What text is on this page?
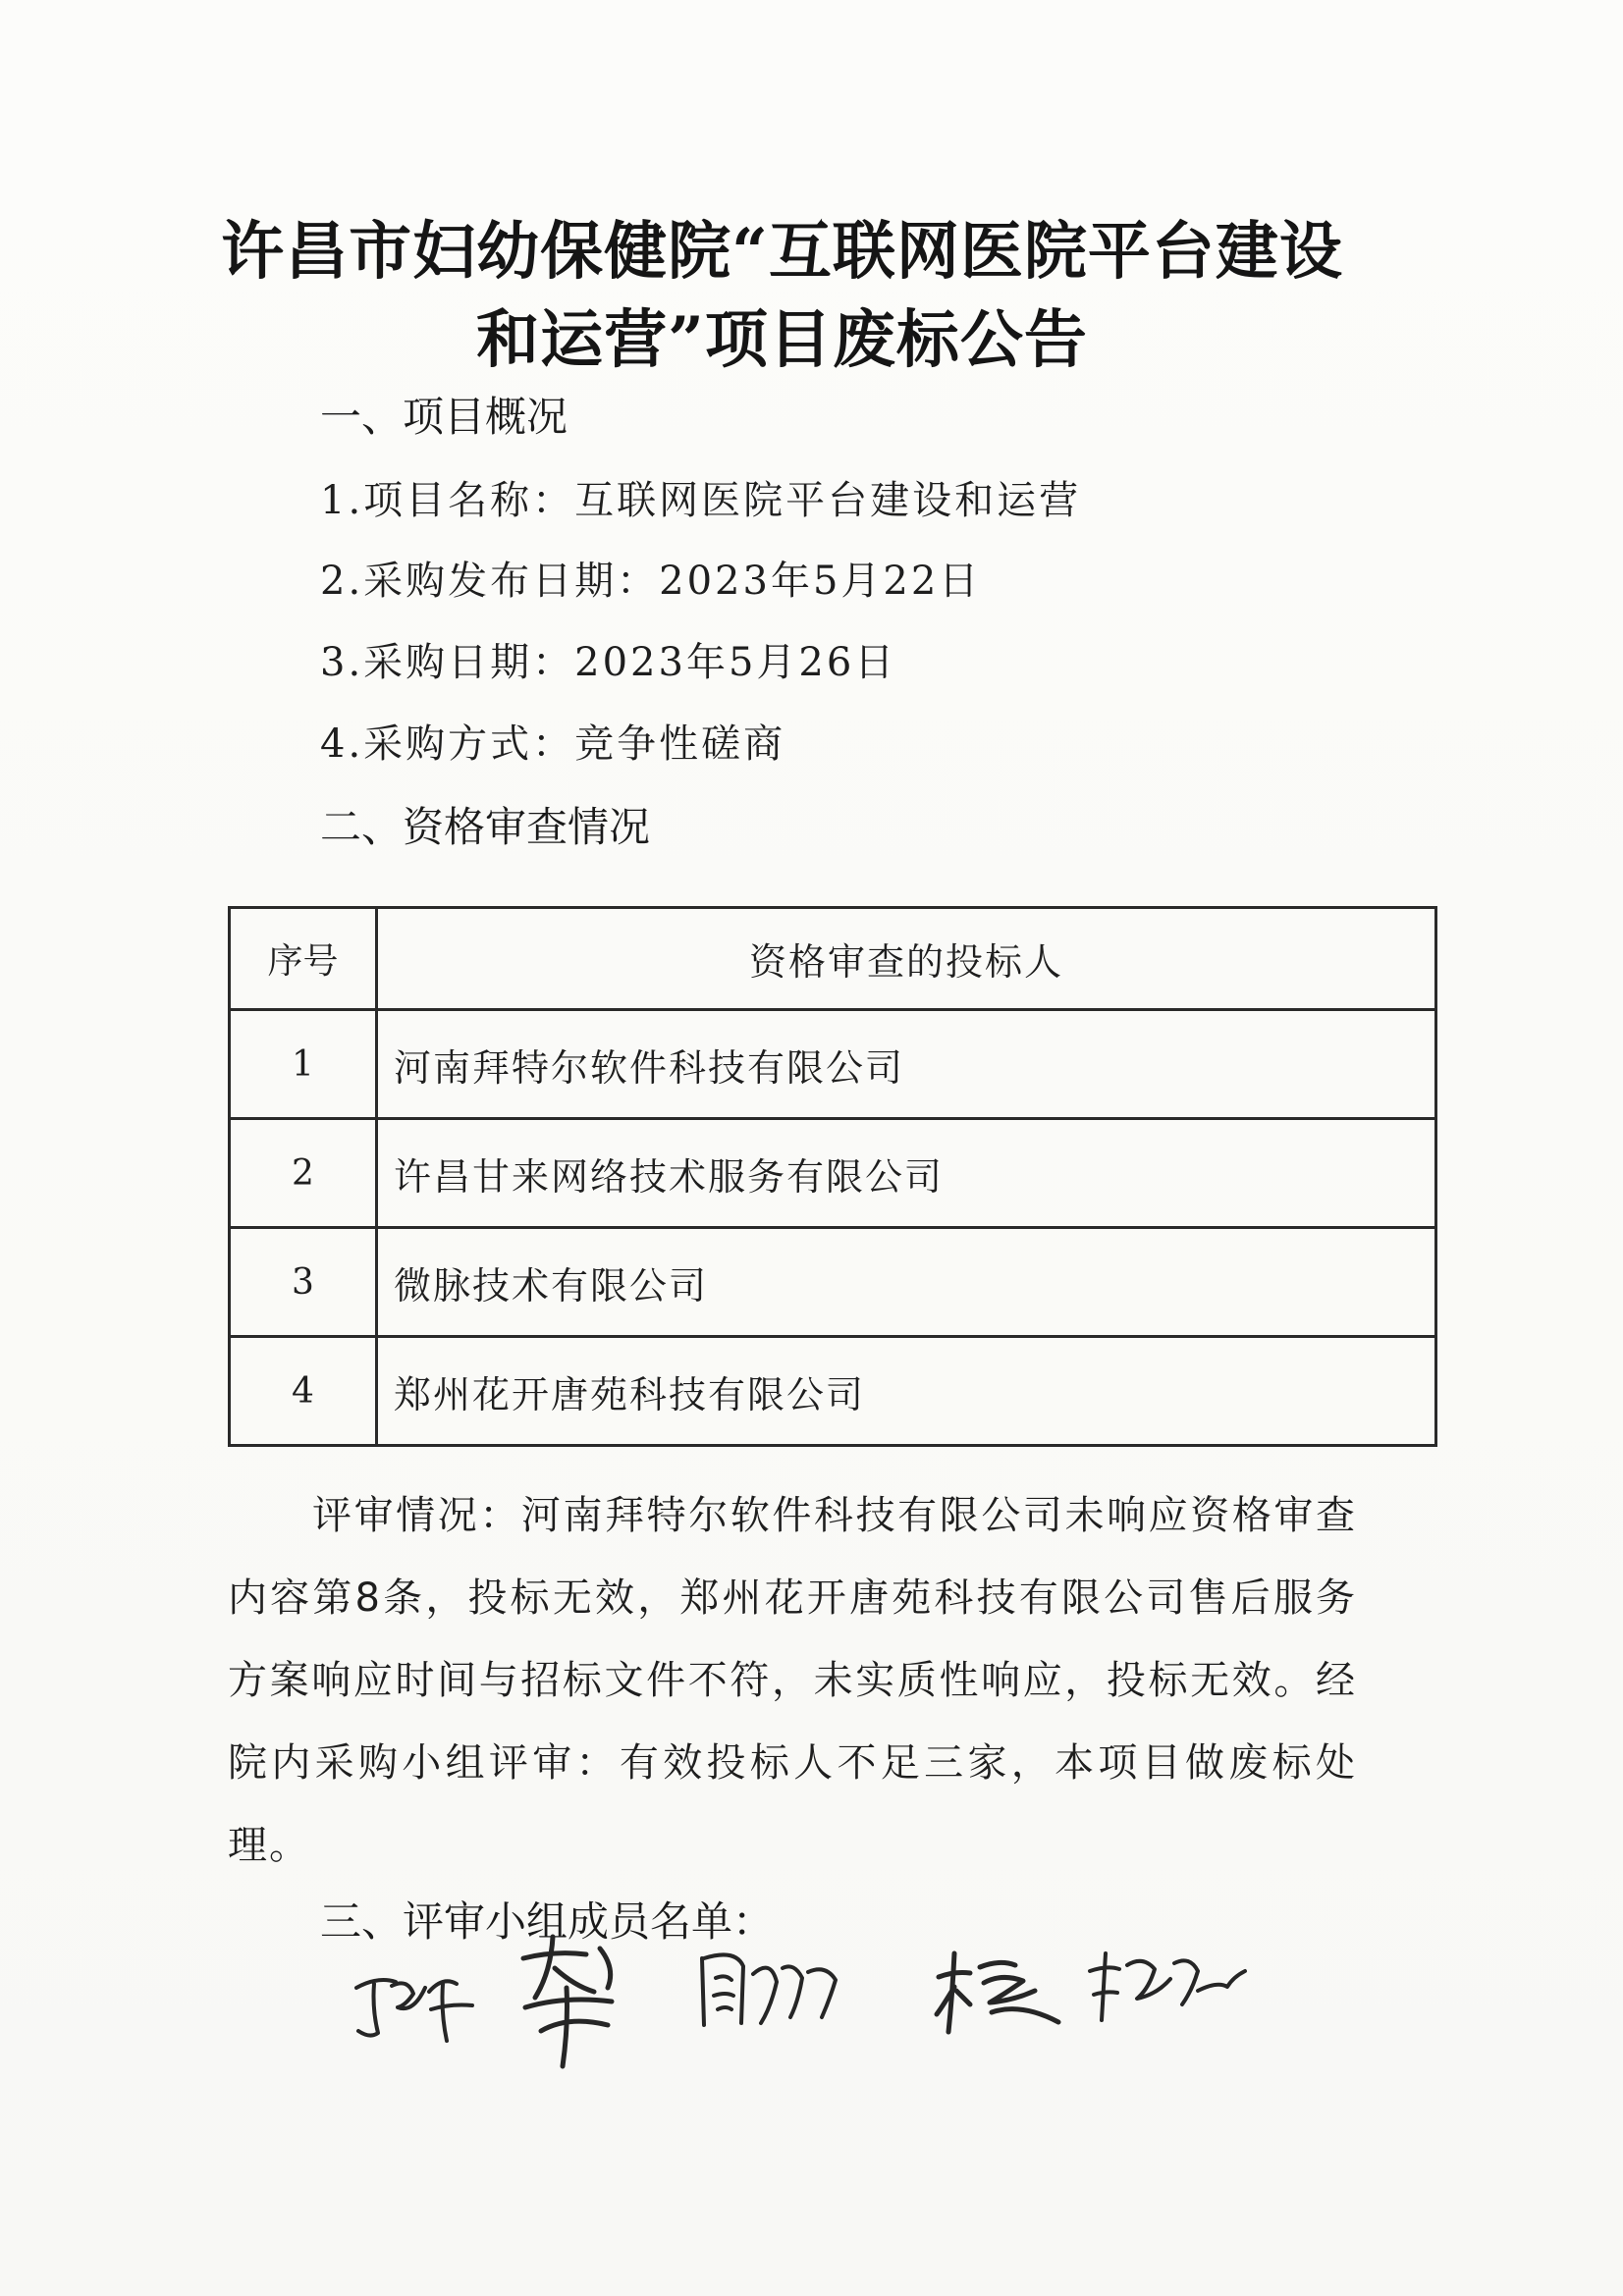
许昌市妇幼保健院“互联网医院平台建设
和运营”项目废标公告
一、项目概况
1.项目名称：互联网医院平台建设和运营
2.采购发布日期：2023年5月22日
3.采购日期：2023年5月26日
4.采购方式：竞争性磋商
二、资格审查情况
序号	资格审查的投标人
1	河南拜特尔软件科技有限公司
2	许昌甘来网络技术服务有限公司
3	微脉技术有限公司
4	郑州花开唐苑科技有限公司
评审情况：河南拜特尔软件科技有限公司未响应资格审查内容第8条，投标无效，郑州花开唐苑科技有限公司售后服务方案响应时间与招标文件不符，未实质性响应，投标无效。经院内采购小组评审：有效投标人不足三家，本项目做废标处理。
三、评审小组成员名单：
